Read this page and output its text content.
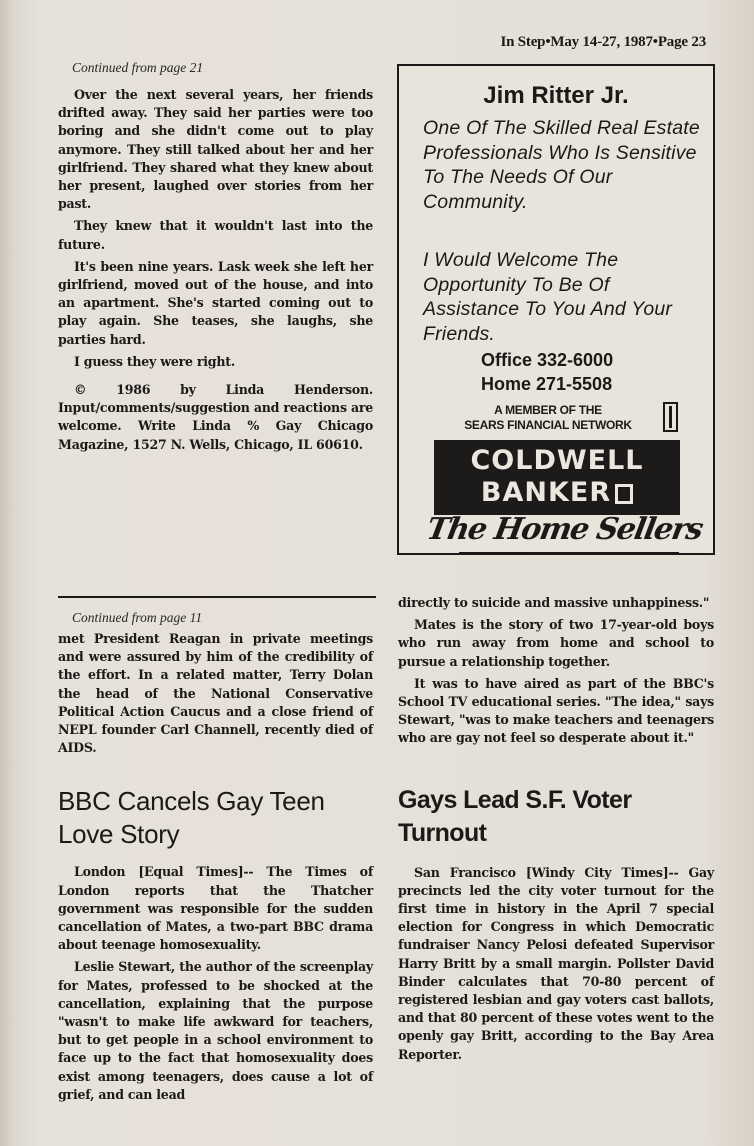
In Step•May 14-27, 1987•Page 23
Continued from page 21

Over the next several years, her friends drifted away. They said her parties were too boring and she didn't come out to play anymore. They still talked about her and her girlfriend. They shared what they knew about her present, laughed over stories from her past.

They knew that it wouldn't last into the future.

It's been nine years. Lask week she left her girlfriend, moved out of the house, and into an apartment. She's started coming out to play again. She teases, she laughs, she parties hard.

I guess they were right.

© 1986 by Linda Henderson. Input/comments/suggestion and reactions are welcome. Write Linda % Gay Chicago Magazine, 1527 N. Wells, Chicago, IL 60610.

Jim Ritter Jr.
One Of The Skilled Real Estate Professionals Who Is Sensitive To The Needs Of Our Community.
I Would Welcome The Opportunity To Be Of Assistance To You And Your Friends.
Office 332-6000
Home 271-5508
A MEMBER OF THE
SEARS FINANCIAL NETWORK
COLDWELL
BANKER
The Home Sellers
Continued from page 11

met President Reagan in private meetings and were assured by him of the credibility of the effort. In a related matter, Terry Dolan the head of the National Conservative Political Action Caucus and a close friend of NEPL founder Carl Channell, recently died of AIDS.

BBC Cancels Gay Teen Love Story

London [Equal Times]-- The Times of London reports that the Thatcher government was responsible for the sudden cancellation of Mates, a two-part BBC drama about teenage homosexuality.

Leslie Stewart, the author of the screenplay for Mates, professed to be shocked at the cancellation, explaining that the purpose "wasn't to make life awkward for teachers, but to get people in a school environment to face up to the fact that homosexuality does exist among teenagers, does cause a lot of grief, and can lead

directly to suicide and massive unhappiness."

Mates is the story of two 17-year-old boys who run away from home and school to pursue a relationship together.

It was to have aired as part of the BBC's School TV educational series. "The idea," says Stewart, "was to make teachers and teenagers who are gay not feel so desperate about it."

Gays Lead S.F. Voter Turnout

San Francisco [Windy City Times]-- Gay precincts led the city voter turnout for the first time in history in the April 7 special election for Congress in which Democratic fundraiser Nancy Pelosi defeated Supervisor Harry Britt by a small margin. Pollster David Binder calculates that 70-80 percent of registered lesbian and gay voters cast ballots, and that 80 percent of these votes went to the openly gay Britt, according to the Bay Area Reporter.
